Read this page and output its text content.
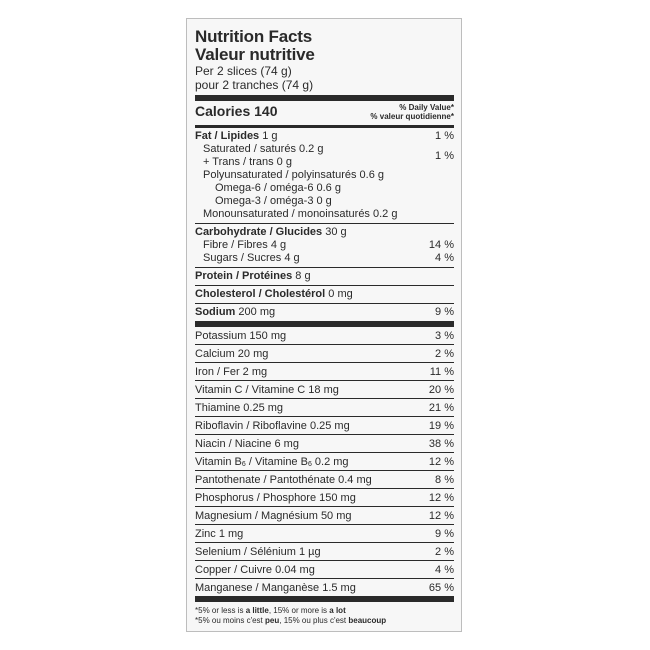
Nutrition Facts
Valeur nutritive
Per 2 slices (74 g)
pour 2 tranches (74 g)
Calories 140	% Daily Value*
% valeur quotidienne*
Fat / Lipides 1 g	1 %
Saturated / saturés 0.2 g
+ Trans / trans 0 g	1 %
Polyunsaturated / polyinsaturés 0.6 g
Omega-6 / oméga-6 0.6 g
Omega-3 / oméga-3 0 g
Monounsaturated / monoinsaturés 0.2 g
Carbohydrate / Glucides 30 g
Fibre / Fibres 4 g	14 %
Sugars / Sucres 4 g	4 %
Protein / Protéines 8 g
Cholesterol / Cholestérol 0 mg
Sodium 200 mg	9 %
Potassium 150 mg	3 %
Calcium 20 mg	2 %
Iron / Fer 2 mg	11 %
Vitamin C / Vitamine C 18 mg	20 %
Thiamine 0.25 mg	21 %
Riboflavin / Riboflavine 0.25 mg	19 %
Niacin / Niacine 6 mg	38 %
Vitamin $B_6$ / Vitamine $B_6$ 0.2 mg	12 %
Pantothenate / Pantothénate 0.4 mg	8 %
Phosphorus / Phosphore 150 mg	12 %
Magnesium / Magnésium 50 mg	12 %
Zinc 1 mg	9 %
Selenium / Sélénium 1 µg	2 %
Copper / Cuivre 0.04 mg	4 %
Manganese / Manganèse 1.5 mg	65 %
*5% or less is a little, 15% or more is a lot
*5% ou moins c'est peu, 15% ou plus c'est beaucoup
